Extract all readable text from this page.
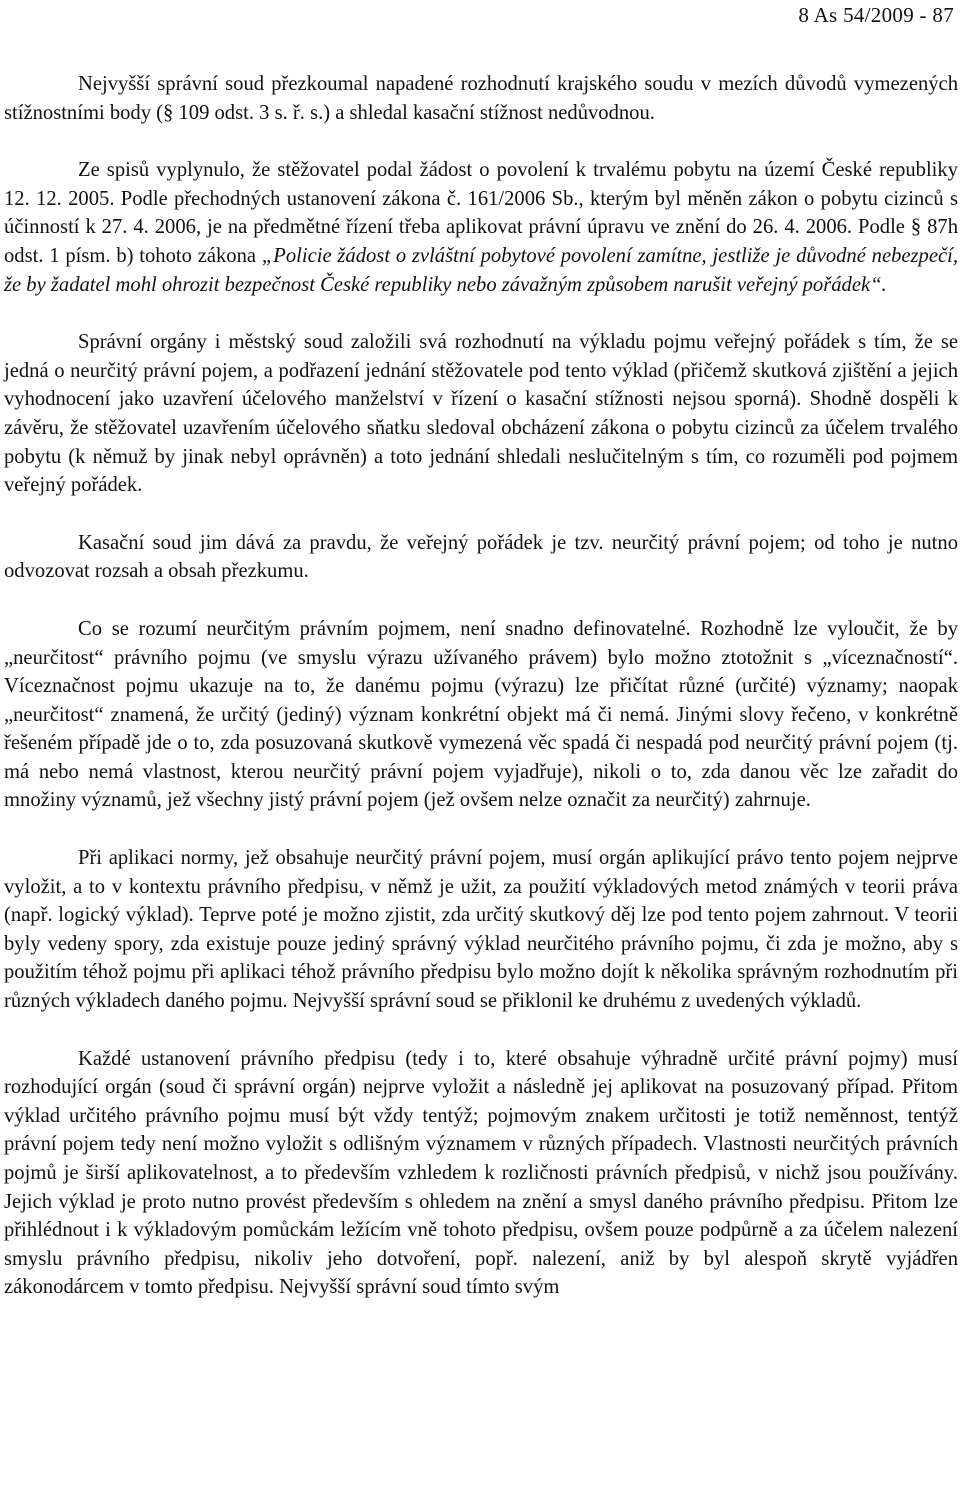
8 As 54/2009 - 87

Nejvyšší správní soud přezkoumal napadené rozhodnutí krajského soudu v mezích důvodů vymezených stížnostními body (§ 109 odst. 3 s. ř. s.) a shledal kasační stížnost nedůvodnou.

Ze spisů vyplynulo, že stěžovatel podal žádost o povolení k trvalému pobytu na území České republiky 12. 12. 2005. Podle přechodných ustanovení zákona č. 161/2006 Sb., kterým byl měněn zákon o pobytu cizinců s účinností k 27. 4. 2006, je na předmětné řízení třeba aplikovat právní úpravu ve znění do 26. 4. 2006. Podle § 87h odst. 1 písm. b) tohoto zákona „Policie žádost o zvláštní pobytové povolení zamítne, jestliže je důvodné nebezpečí, že by žadatel mohl ohrozit bezpečnost České republiky nebo závažným způsobem narušit veřejný pořádek“.

Správní orgány i městský soud založili svá rozhodnutí na výkladu pojmu veřejný pořádek s tím, že se jedná o neurčitý právní pojem, a podřazení jednání stěžovatele pod tento výklad (přičemž skutková zjištění a jejich vyhodnocení jako uzavření účelového manželství v řízení o kasační stížnosti nejsou sporná). Shodně dospěli k závěru, že stěžovatel uzavřením účelového sňatku sledoval obcházení zákona o pobytu cizinců za účelem trvalého pobytu (k němuž by jinak nebyl oprávněn) a toto jednání shledali neslučitelným s tím, co rozuměli pod pojmem veřejný pořádek.

Kasační soud jim dává za pravdu, že veřejný pořádek je tzv. neurčitý právní pojem; od toho je nutno odvozovat rozsah a obsah přezkumu.

Co se rozumí neurčitým právním pojmem, není snadno definovatelné. Rozhodně lze vyloučit, že by „neurčitost“ právního pojmu (ve smyslu výrazu užívaného právem) bylo možno ztotožnit s „víceznačností“. Víceznačnost pojmu ukazuje na to, že danému pojmu (výrazu) lze přičítat různé (určité) významy; naopak „neurčitost“ znamená, že určitý (jediný) význam konkrétní objekt má či nemá. Jinými slovy řečeno, v konkrétně řešeném případě jde o to, zda posuzovaná skutkově vymezená věc spadá či nespadá pod neurčitý právní pojem (tj. má nebo nemá vlastnost, kterou neurčitý právní pojem vyjadřuje), nikoli o to, zda danou věc lze zařadit do množiny významů, jež všechny jistý právní pojem (jež ovšem nelze označit za neurčitý) zahrnuje.

Při aplikaci normy, jež obsahuje neurčitý právní pojem, musí orgán aplikující právo tento pojem nejprve vyložit, a to v kontextu právního předpisu, v němž je užit, za použití výkladových metod známých v teorii práva (např. logický výklad). Teprve poté je možno zjistit, zda určitý skutkový děj lze pod tento pojem zahrnout. V teorii byly vedeny spory, zda existuje pouze jediný správný výklad neurčitého právního pojmu, či zda je možno, aby s použitím téhož pojmu při aplikaci téhož právního předpisu bylo možno dojít k několika správným rozhodnutím při různých výkladech daného pojmu. Nejvyšší správní soud se přiklonil ke druhému z uvedených výkladů.

Každé ustanovení právního předpisu (tedy i to, které obsahuje výhradně určité právní pojmy) musí rozhodující orgán (soud či správní orgán) nejprve vyložit a následně jej aplikovat na posuzovaný případ. Přitom výklad určitého právního pojmu musí být vždy tentýž; pojmovým znakem určitosti je totiž neměnnost, tentýž právní pojem tedy není možno vyložit s odlišným významem v různých případech. Vlastnosti neurčitých právních pojmů je širší aplikovatelnost, a to především vzhledem k rozličnosti právních předpisů, v nichž jsou používány. Jejich výklad je proto nutno provést především s ohledem na znění a smysl daného právního předpisu. Přitom lze přihlédnout i k výkladovým pomůckám ležícím vně tohoto předpisu, ovšem pouze podpůrně a za účelem nalezení smyslu právního předpisu, nikoliv jeho dotvoření, popř. nalezení, aniž by byl alespoň skrytě vyjádřen zákonodárcem v tomto předpisu. Nejvyšší správní soud tímto svým
